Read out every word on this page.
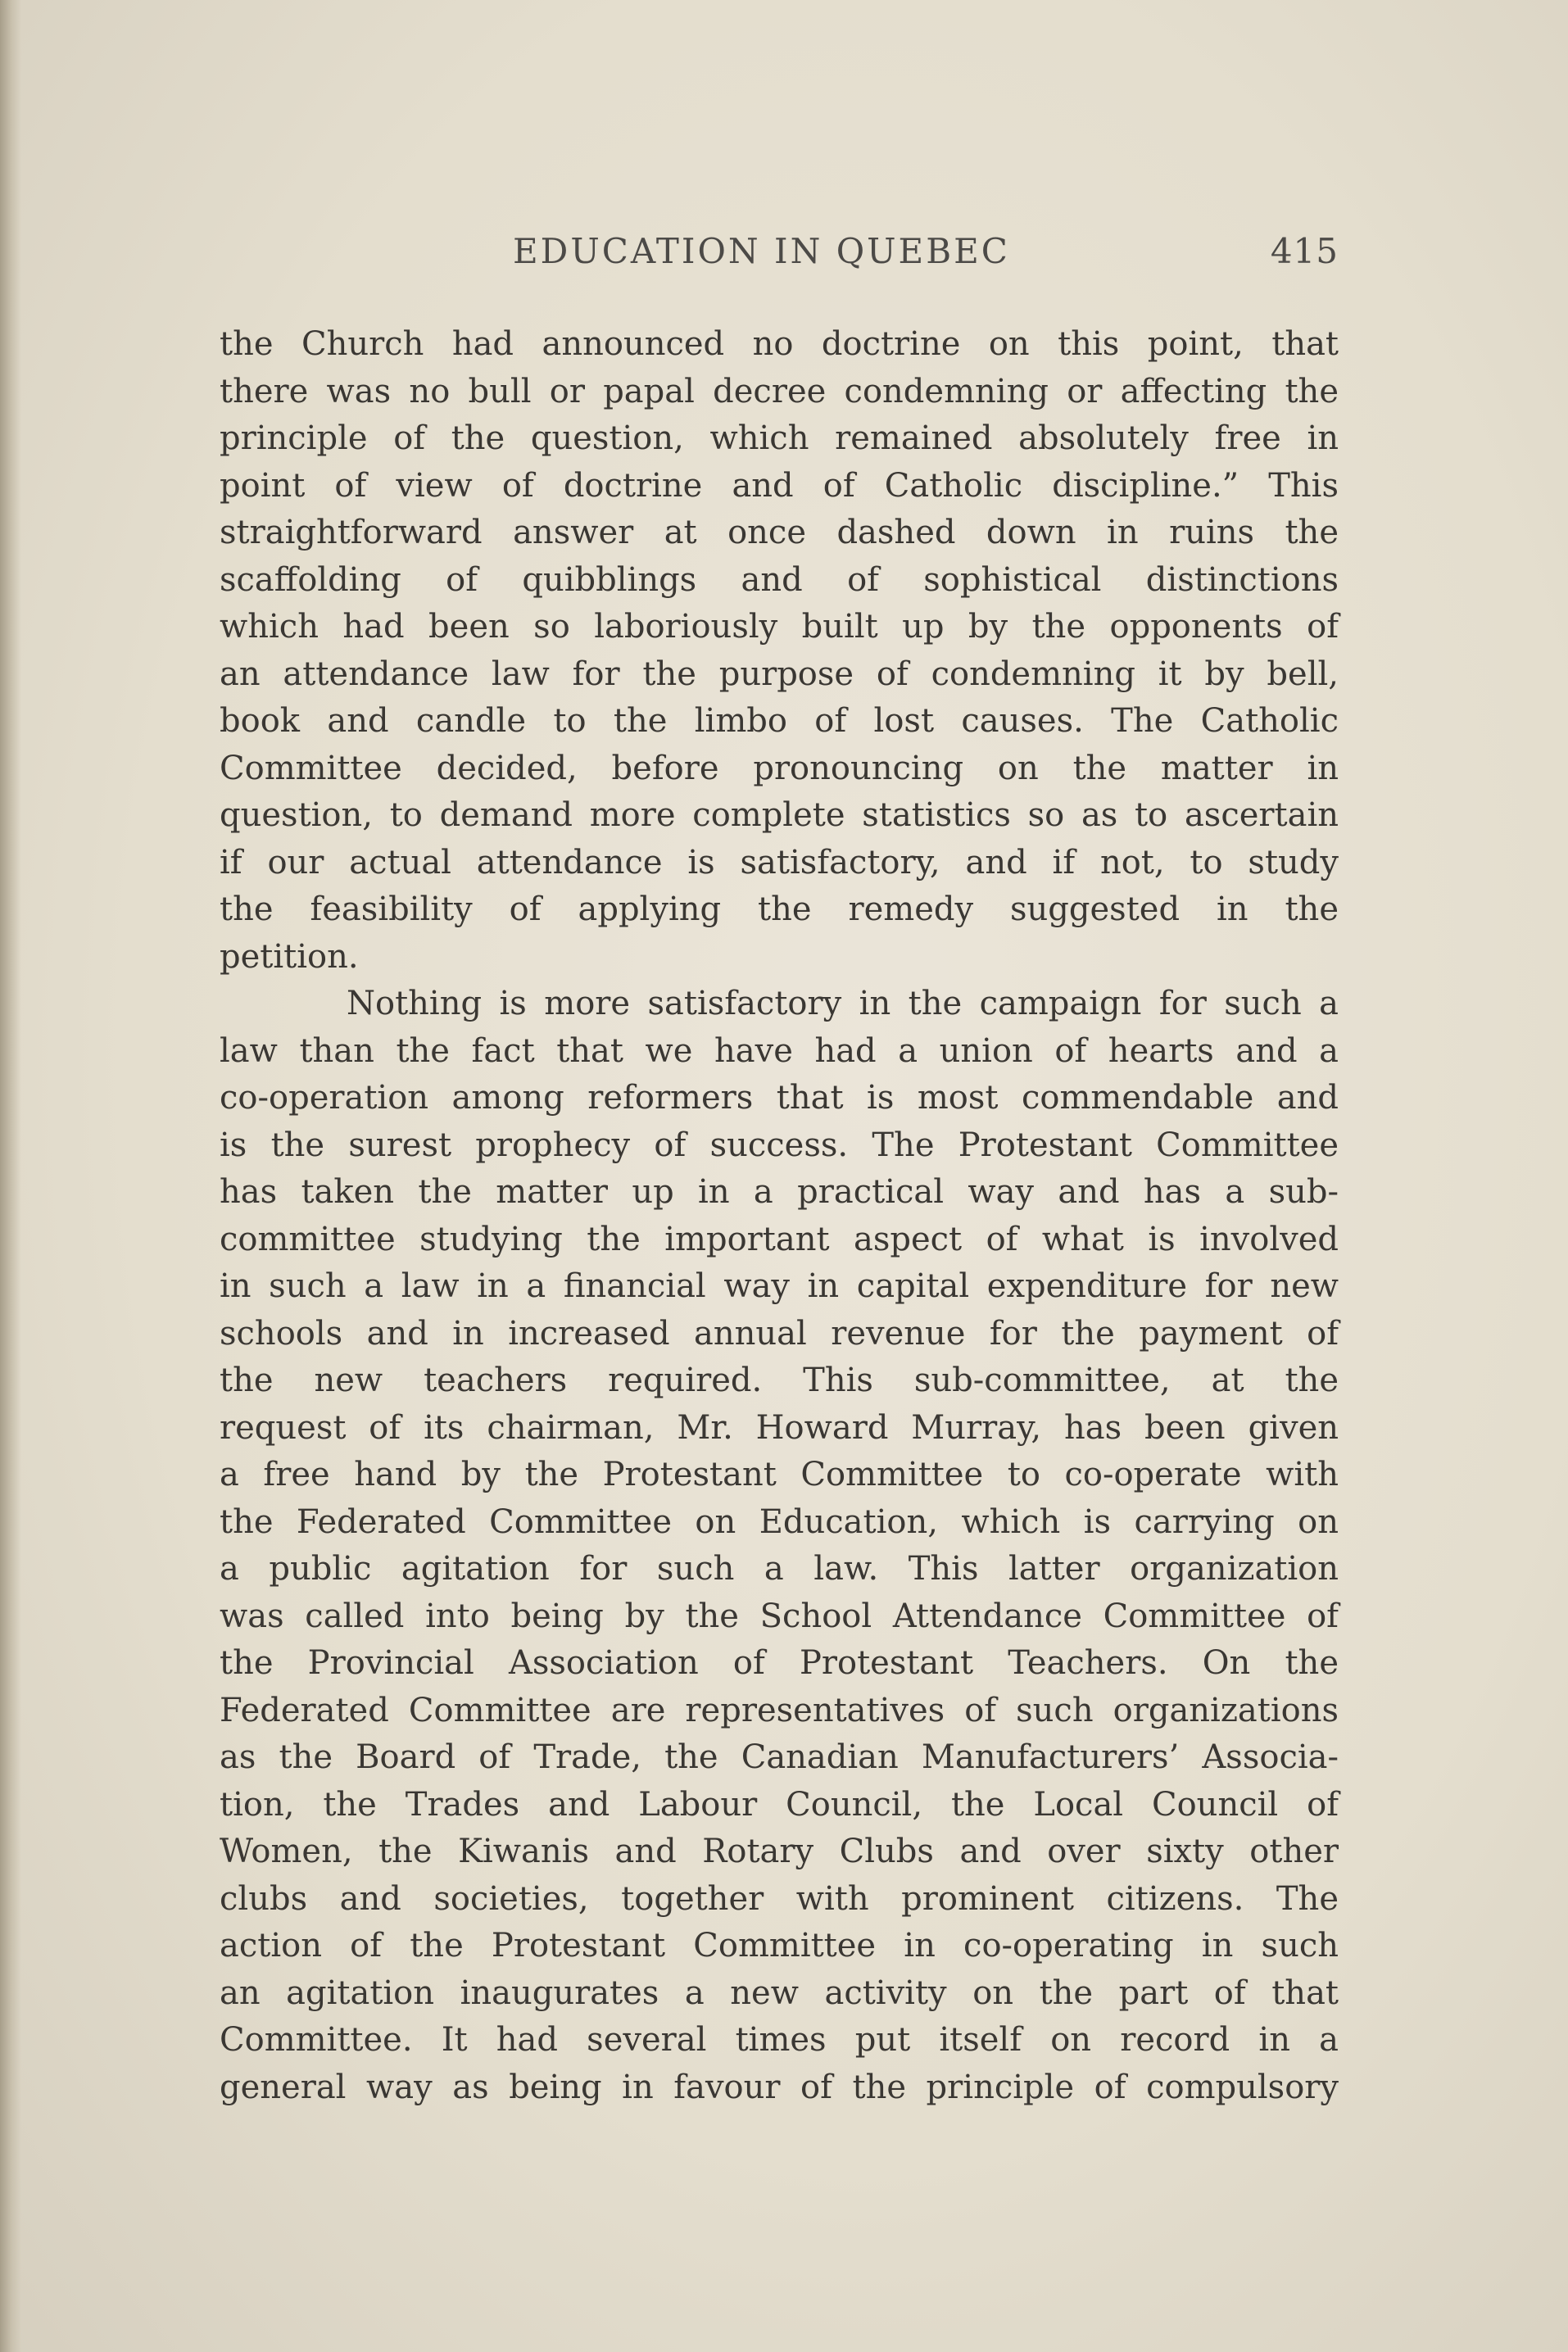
EDUCATION IN QUEBEC	415
the Church had announced no doctrine on this point, that
there was no bull or papal decree condemning or affecting the
principle of the question, which remained absolutely free in
point of view of doctrine and of Catholic discipline.” This
straightforward answer at once dashed down in ruins the
scaffolding of quibblings and of sophistical distinctions
which had been so laboriously built up by the opponents of
an attendance law for the purpose of condemning it by bell,
book and candle to the limbo of lost causes. The Catholic
Committee decided, before pronouncing on the matter in
question, to demand more complete statistics so as to ascertain
if our actual attendance is satisfactory, and if not, to study
the feasibility of applying the remedy suggested in the
petition.
Nothing is more satisfactory in the campaign for such a
law than the fact that we have had a union of hearts and a
co-operation among reformers that is most commendable and
is the surest prophecy of success. The Protestant Committee
has taken the matter up in a practical way and has a sub-
committee studying the important aspect of what is involved
in such a law in a financial way in capital expenditure for new
schools and in increased annual revenue for the payment of
the new teachers required. This sub-committee, at the
request of its chairman, Mr. Howard Murray, has been given
a free hand by the Protestant Committee to co-operate with
the Federated Committee on Education, which is carrying on
a public agitation for such a law. This latter organization
was called into being by the School Attendance Committee of
the Provincial Association of Protestant Teachers. On the
Federated Committee are representatives of such organizations
as the Board of Trade, the Canadian Manufacturers’ Associa-
tion, the Trades and Labour Council, the Local Council of
Women, the Kiwanis and Rotary Clubs and over sixty other
clubs and societies, together with prominent citizens. The
action of the Protestant Committee in co-operating in such
an agitation inaugurates a new activity on the part of that
Committee. It had several times put itself on record in a
general way as being in favour of the principle of compulsory
